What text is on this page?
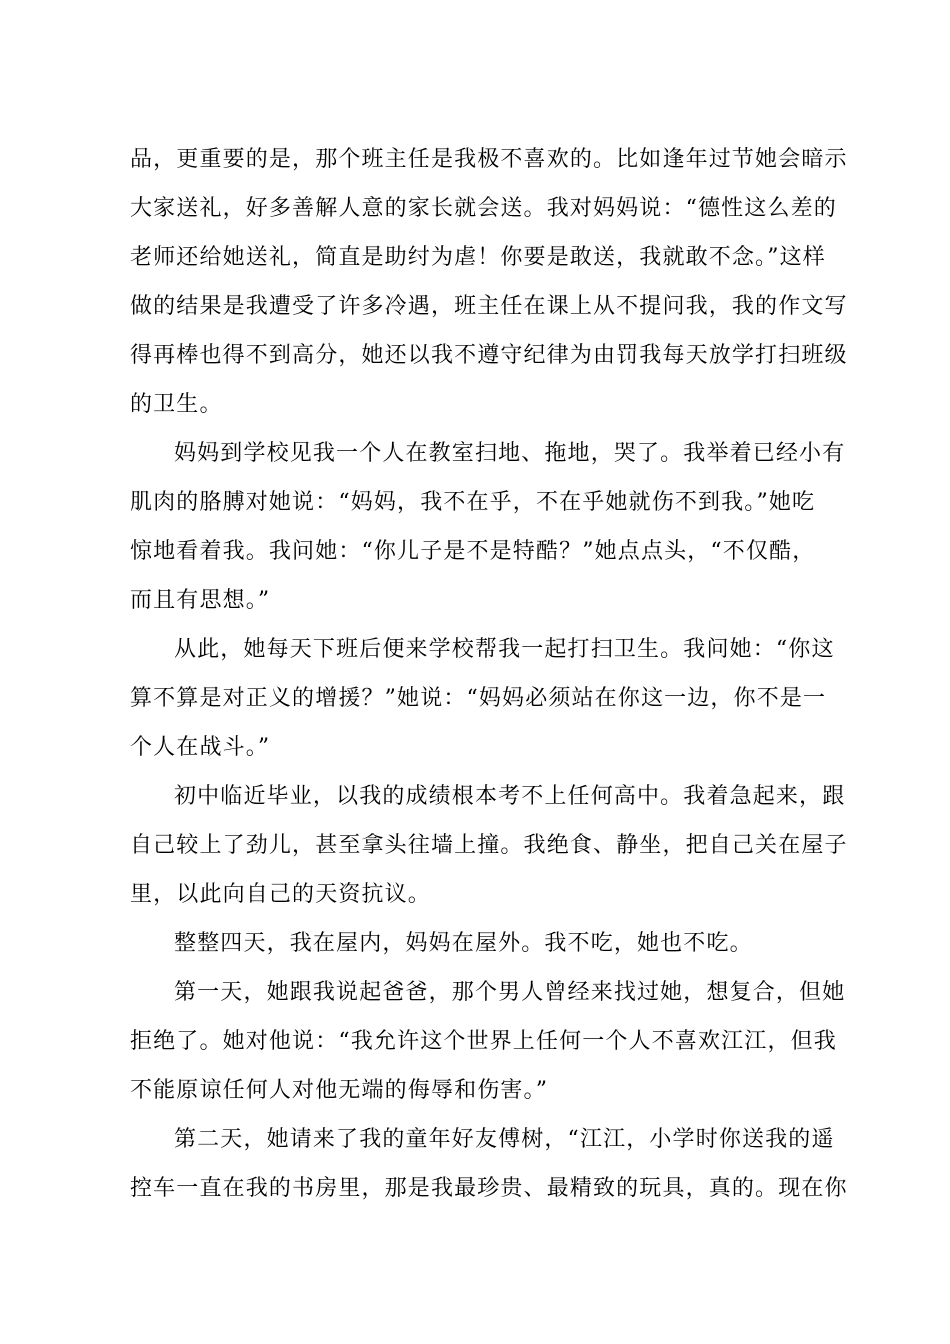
品，更重要的是，那个班主任是我极不喜欢的。比如逢年过节她会暗示
大家送礼，好多善解人意的家长就会送。我对妈妈说：“德性这么差的
老师还给她送礼，简直是助纣为虐！你要是敢送，我就敢不念。”这样
做的结果是我遭受了许多冷遇，班主任在课上从不提问我，我的作文写
得再棒也得不到高分，她还以我不遵守纪律为由罚我每天放学打扫班级
的卫生。
妈妈到学校见我一个人在教室扫地、拖地，哭了。我举着已经小有
肌肉的胳膊对她说：“妈妈，我不在乎，不在乎她就伤不到我。”她吃
惊地看着我。我问她：“你儿子是不是特酷？”她点点头，“不仅酷，
而且有思想。”
从此，她每天下班后便来学校帮我一起打扫卫生。我问她：“你这
算不算是对正义的增援？”她说：“妈妈必须站在你这一边，你不是一
个人在战斗。”
初中临近毕业，以我的成绩根本考不上任何高中。我着急起来，跟
自己较上了劲儿，甚至拿头往墙上撞。我绝食、静坐，把自己关在屋子
里，以此向自己的天资抗议。
整整四天，我在屋内，妈妈在屋外。我不吃，她也不吃。
第一天，她跟我说起爸爸，那个男人曾经来找过她，想复合，但她
拒绝了。她对他说：“我允许这个世界上任何一个人不喜欢江江，但我
不能原谅任何人对他无端的侮辱和伤害。”
第二天，她请来了我的童年好友傅树，“江江，小学时你送我的遥
控车一直在我的书房里，那是我最珍贵、最精致的玩具，真的。现在你
